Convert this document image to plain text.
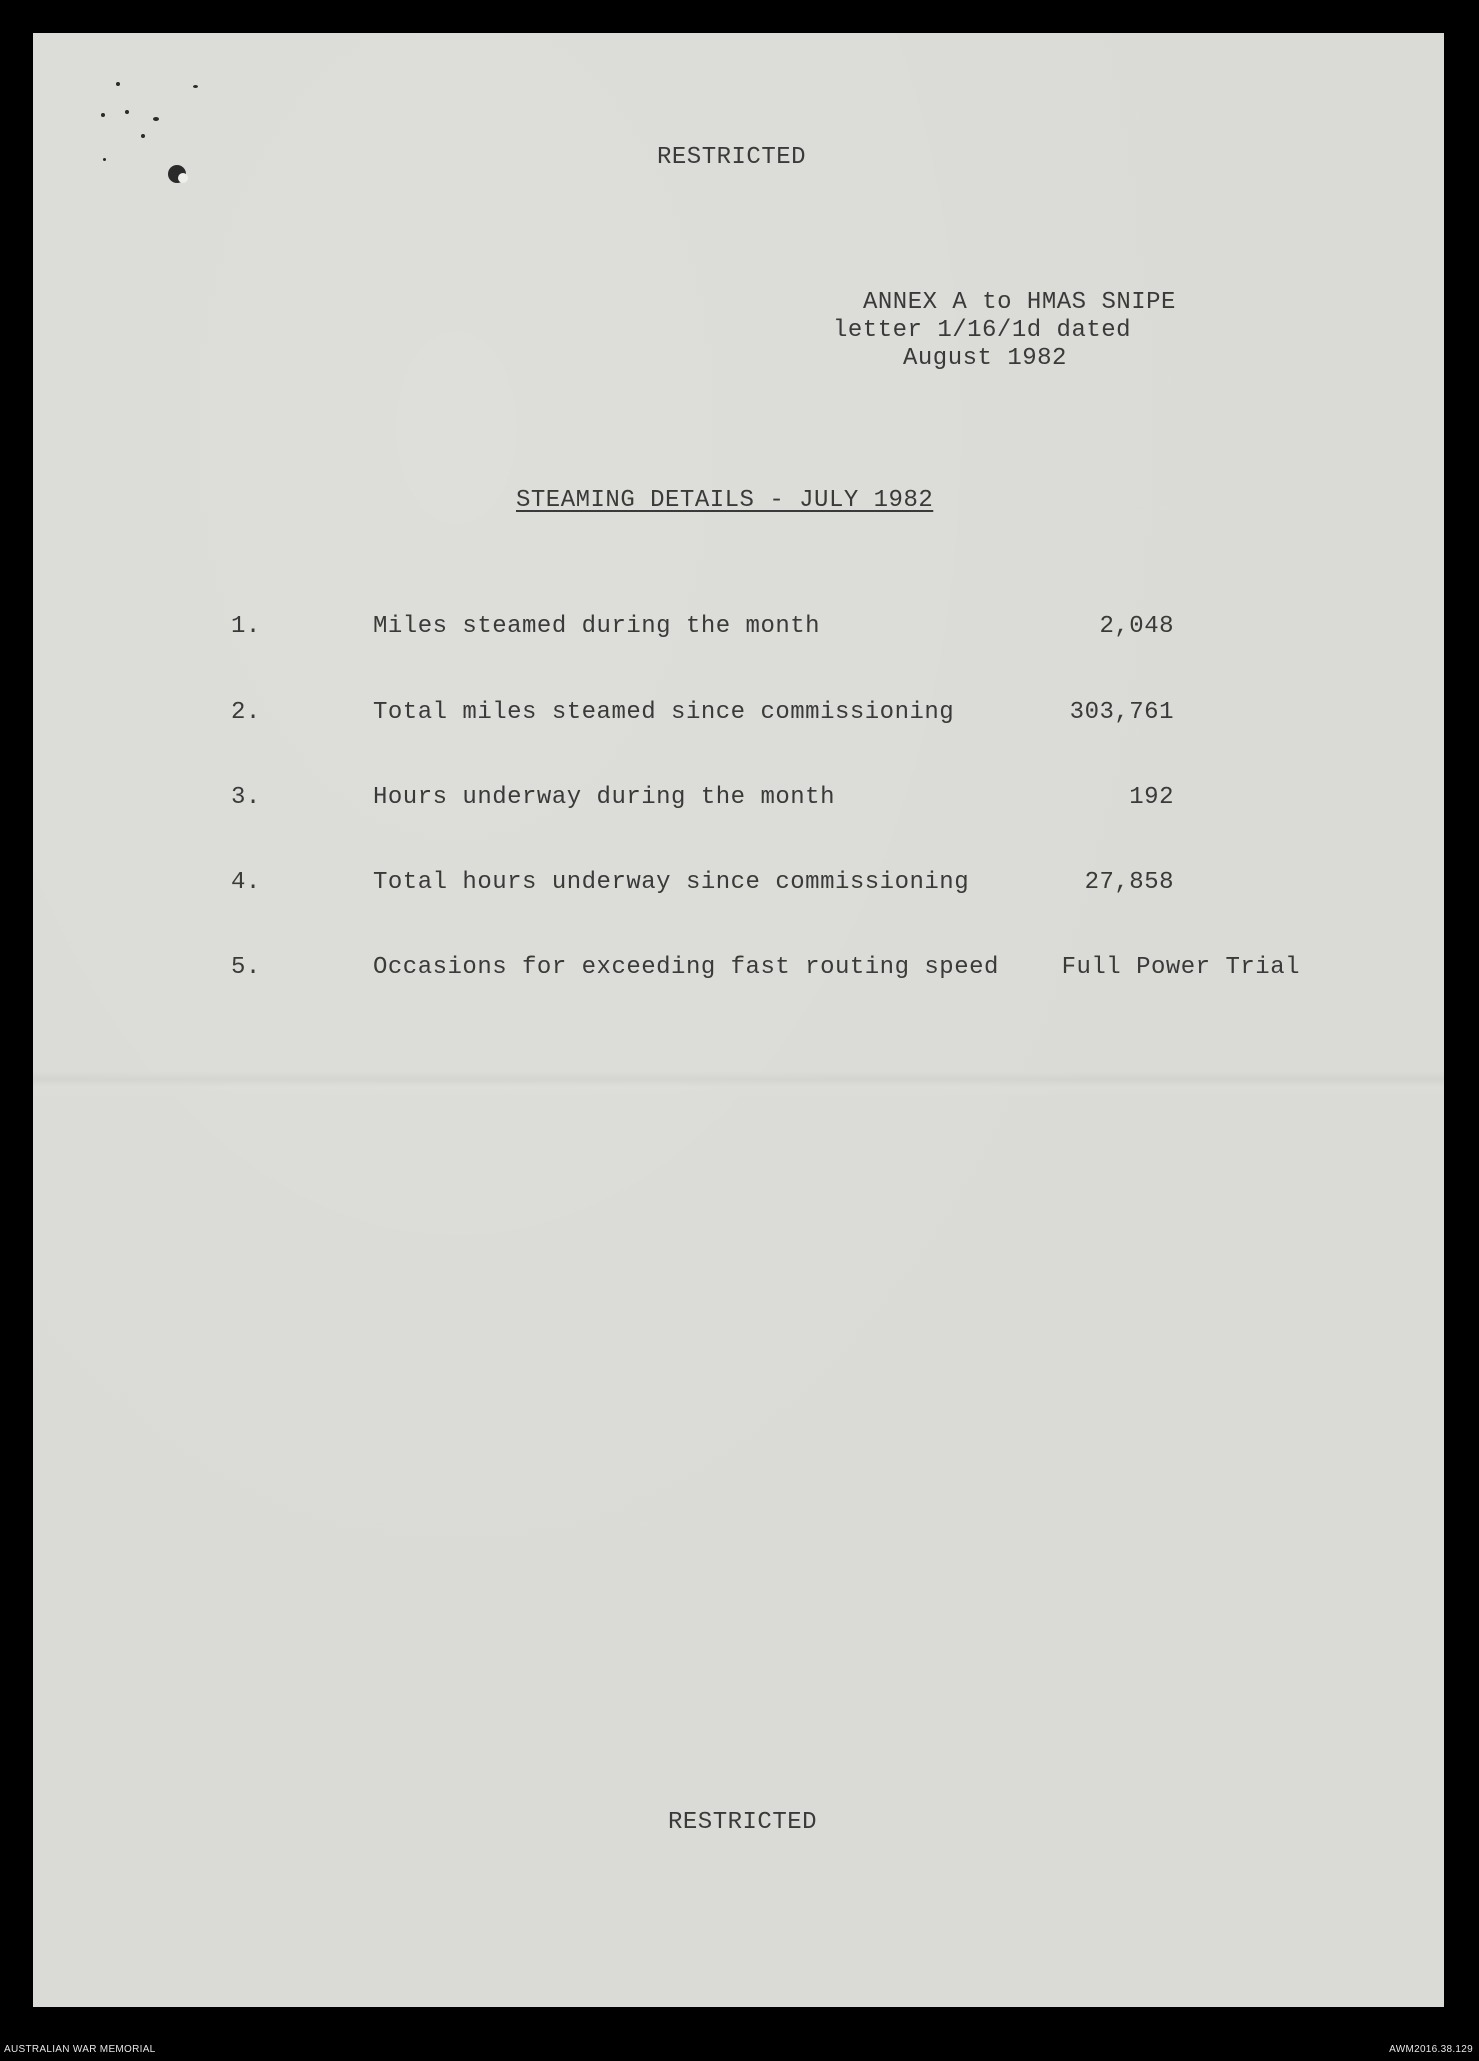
RESTRICTED
ANNEX A to HMAS SNIPE
letter 1/16/1d dated
August 1982
STEAMING DETAILS - JULY 1982
1.	Miles steamed during the month	2,048
2.	Total miles steamed since commissioning	303,761
3.	Hours underway during the month	192
4.	Total hours underway since commissioning	27,858
5.	Occasions for exceeding fast routing speed	Full Power Trial
RESTRICTED
AUSTRALIAN WAR MEMORIAL	AWM2016.38.129
